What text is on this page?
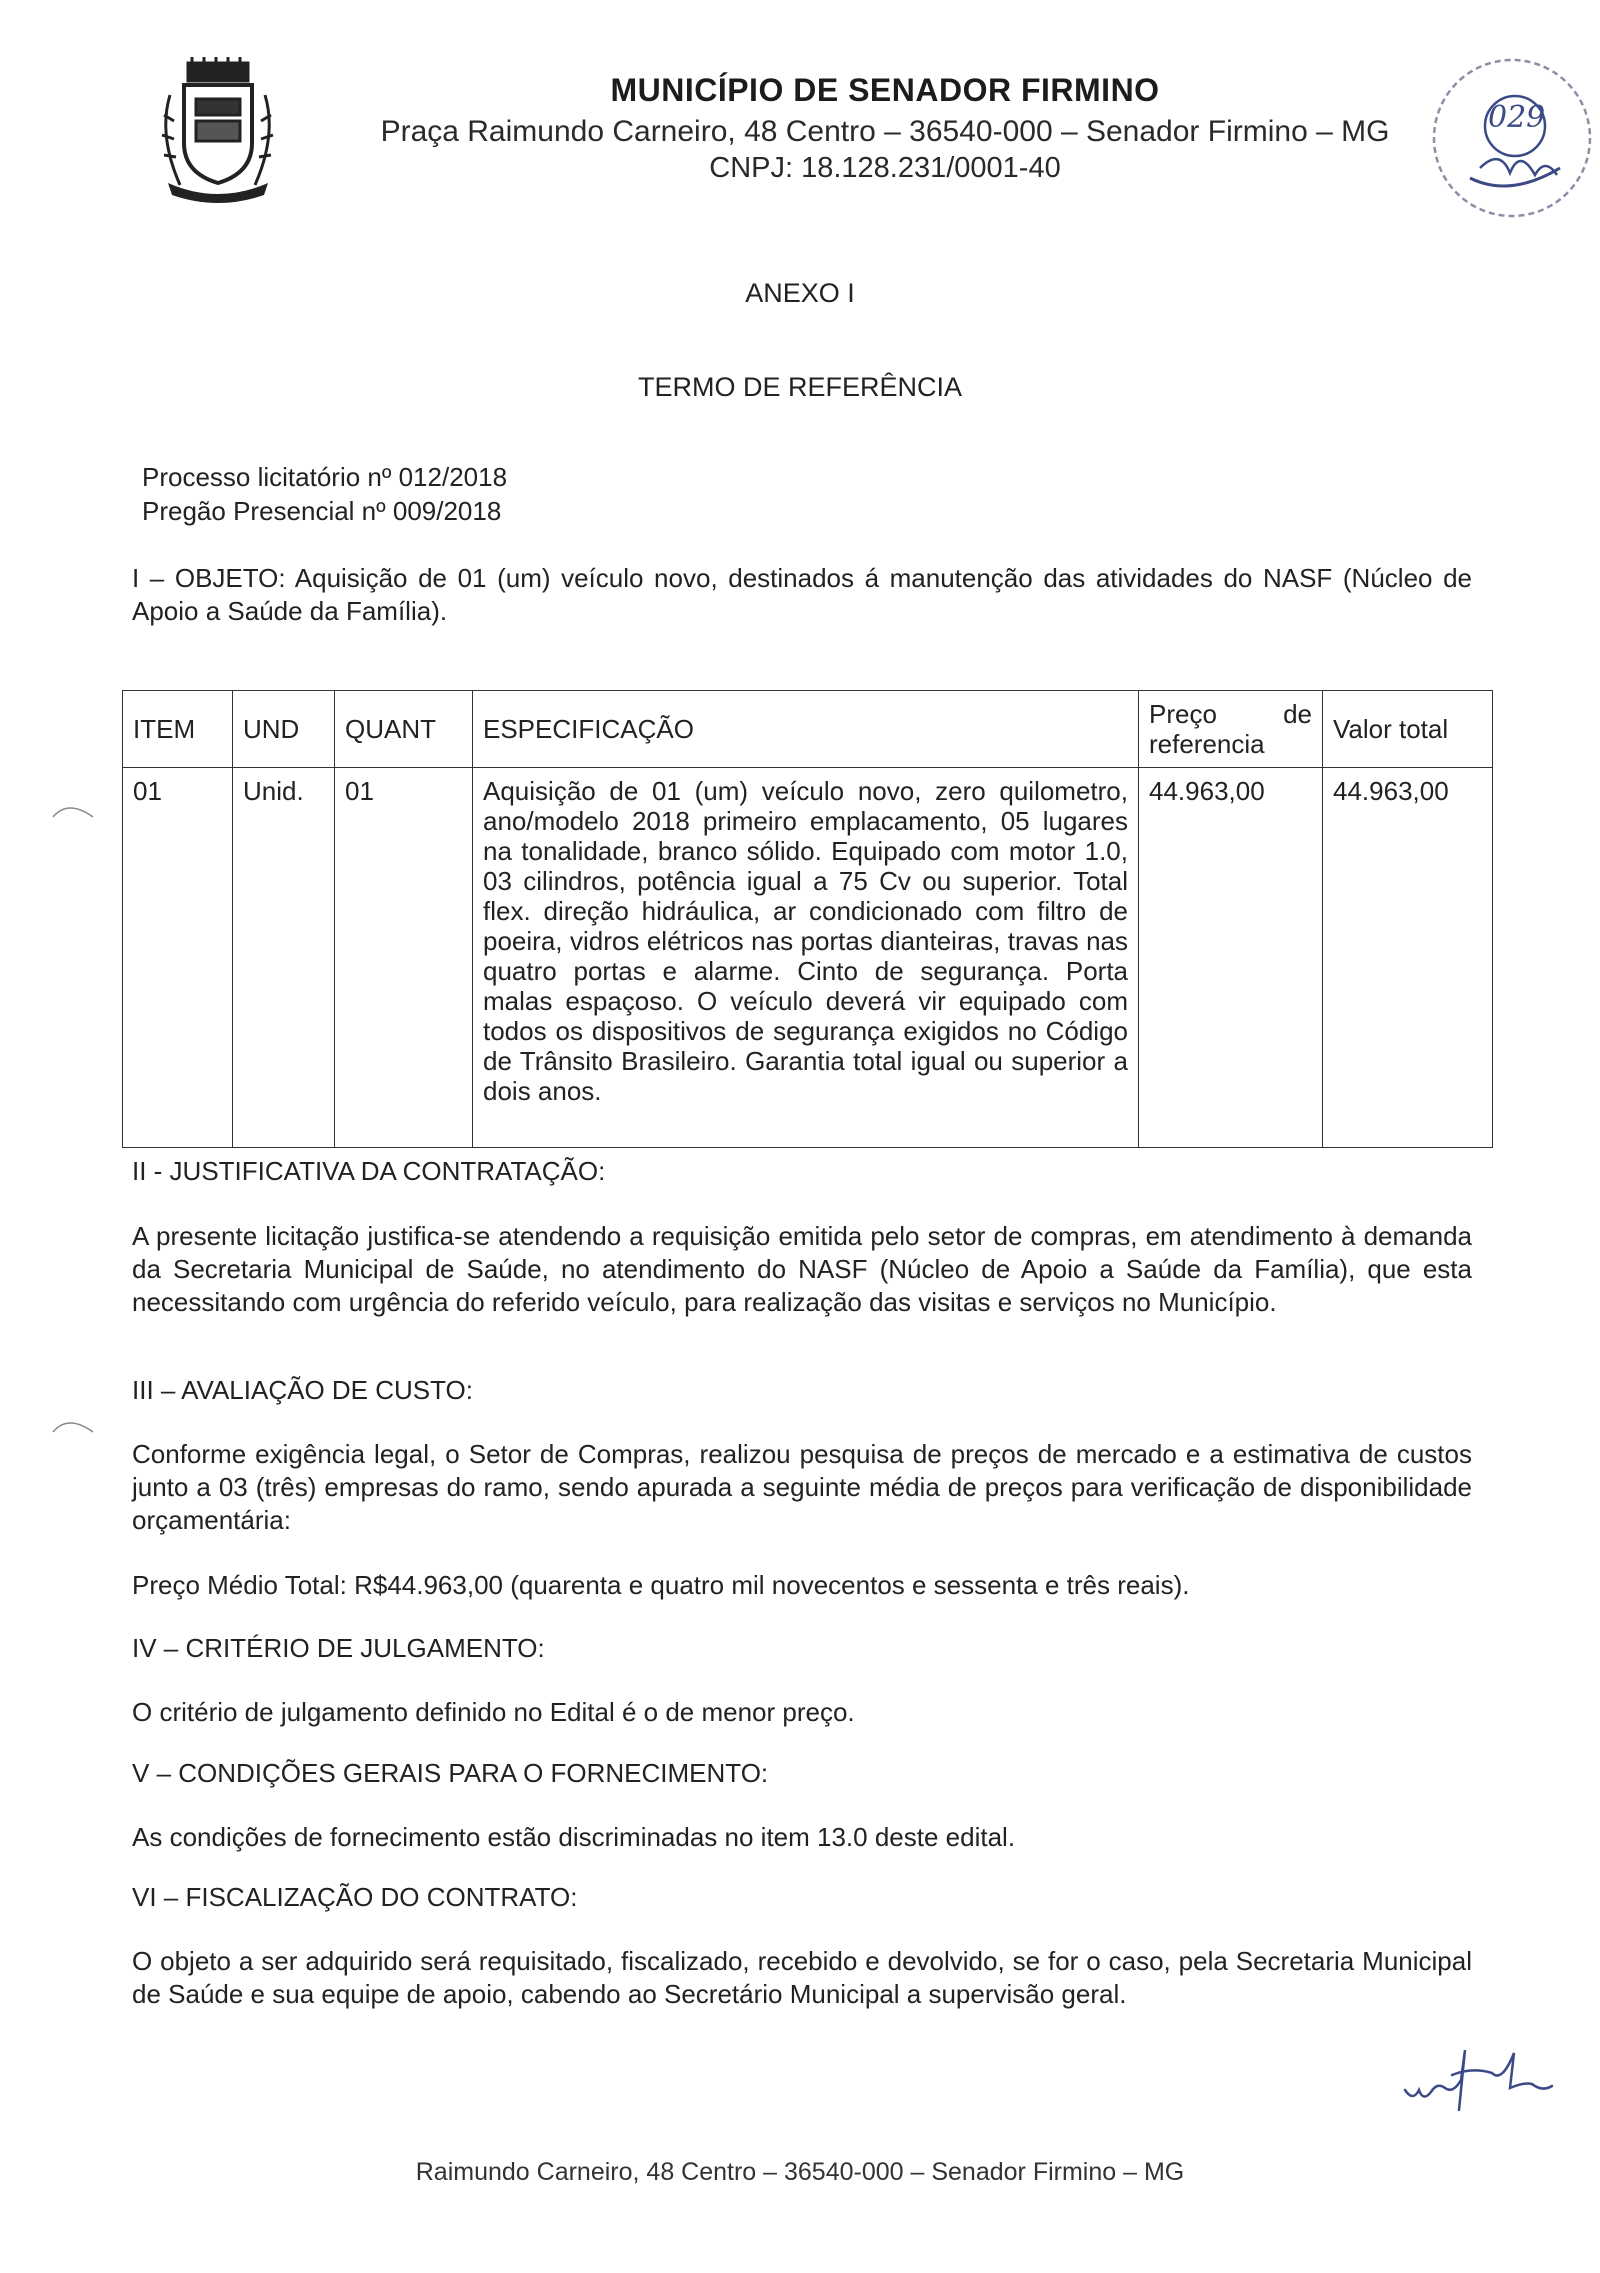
MUNICÍPIO DE SENADOR FIRMINO
Praça Raimundo Carneiro, 48 Centro – 36540-000 – Senador Firmino – MG
CNPJ: 18.128.231/0001-40
029
ANEXO I
TERMO DE REFERÊNCIA
Processo licitatório nº 012/2018
Pregão Presencial nº 009/2018
I – OBJETO: Aquisição de 01 (um) veículo novo, destinados á manutenção das atividades do NASF (Núcleo de Apoio a Saúde da Família).
ITEM	UND	QUANT	ESPECIFICAÇÃO	Preço de referencia	Valor total
01	Unid.	01	Aquisição de 01 (um) veículo novo, zero quilometro, ano/modelo 2018 primeiro emplacamento, 05 lugares na tonalidade, branco sólido. Equipado com motor 1.0, 03 cilindros, potência igual a 75 Cv ou superior. Total flex. direção hidráulica, ar condicionado com filtro de poeira, vidros elétricos nas portas dianteiras, travas nas quatro portas e alarme. Cinto de segurança. Porta malas espaçoso. O veículo deverá vir equipado com todos os dispositivos de segurança exigidos no Código de Trânsito Brasileiro. Garantia total igual ou superior a dois anos.	44.963,00	44.963,00
II - JUSTIFICATIVA DA CONTRATAÇÃO:
A presente licitação justifica-se atendendo a requisição emitida pelo setor de compras, em atendimento à demanda da Secretaria Municipal de Saúde, no atendimento do NASF (Núcleo de Apoio a Saúde da Família), que esta necessitando com urgência do referido veículo, para realização das visitas e serviços no Município.
III – AVALIAÇÃO DE CUSTO:
Conforme exigência legal, o Setor de Compras, realizou pesquisa de preços de mercado e a estimativa de custos junto a 03 (três) empresas do ramo, sendo apurada a seguinte média de preços para verificação de disponibilidade orçamentária:
Preço Médio Total: R$44.963,00 (quarenta e quatro mil novecentos e sessenta e três reais).
IV – CRITÉRIO DE JULGAMENTO:
O critério de julgamento definido no Edital é o de menor preço.
V – CONDIÇÕES GERAIS PARA O FORNECIMENTO:
As condições de fornecimento estão discriminadas no item 13.0 deste edital.
VI – FISCALIZAÇÃO DO CONTRATO:
O objeto a ser adquirido será requisitado, fiscalizado, recebido e devolvido, se for o caso, pela Secretaria Municipal de Saúde e sua equipe de apoio, cabendo ao Secretário Municipal a supervisão geral.
Raimundo Carneiro, 48 Centro – 36540-000 – Senador Firmino – MG
